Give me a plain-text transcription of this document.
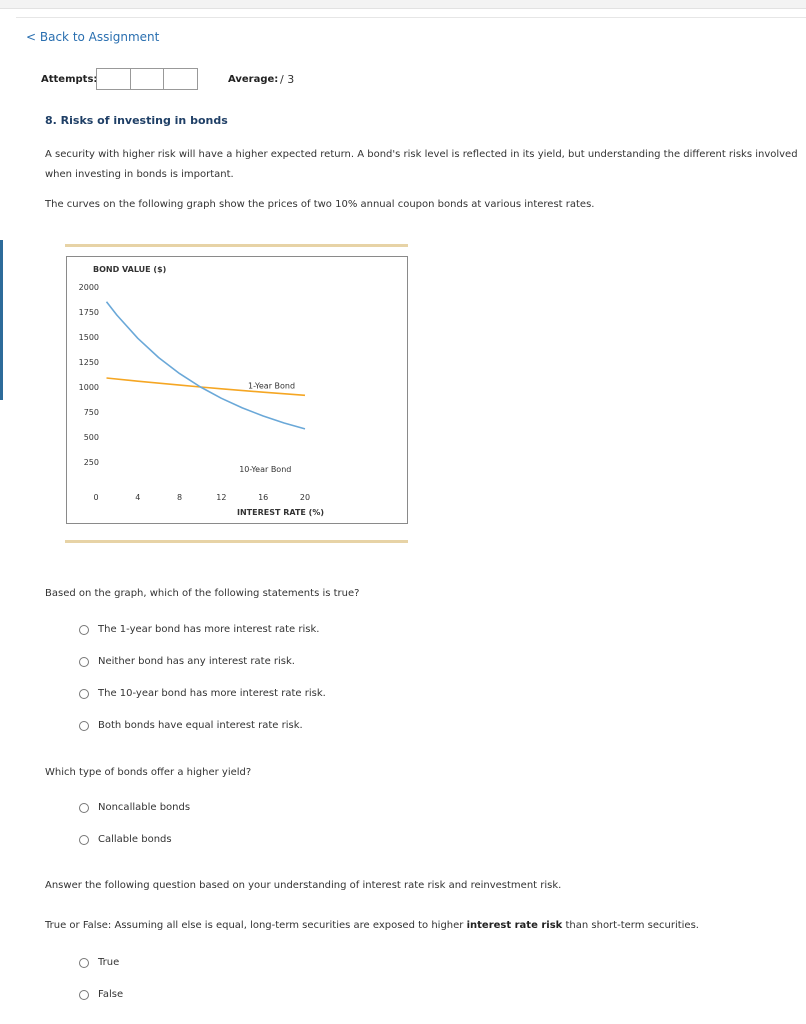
< Back to Assignment
Attempts:	Average: / 3
8. Risks of investing in bonds
A security with higher risk will have a higher expected return. A bond's risk level is reflected in its yield, but understanding the different risks involved when investing in bonds is important.
The curves on the following graph show the prices of two 10% annual coupon bonds at various interest rates.
BOND VALUE ($)
INTEREST RATE (%)
2000
1750
1500
1250
1000
750
500
250
0	4	8	12	16	20
1-Year Bond
10-Year Bond
Based on the graph, which of the following statements is true?
The 1-year bond has more interest rate risk.
Neither bond has any interest rate risk.
The 10-year bond has more interest rate risk.
Both bonds have equal interest rate risk.
Which type of bonds offer a higher yield?
Noncallable bonds
Callable bonds
Answer the following question based on your understanding of interest rate risk and reinvestment risk.
True or False: Assuming all else is equal, long-term securities are exposed to higher interest rate risk than short-term securities.
True
False
